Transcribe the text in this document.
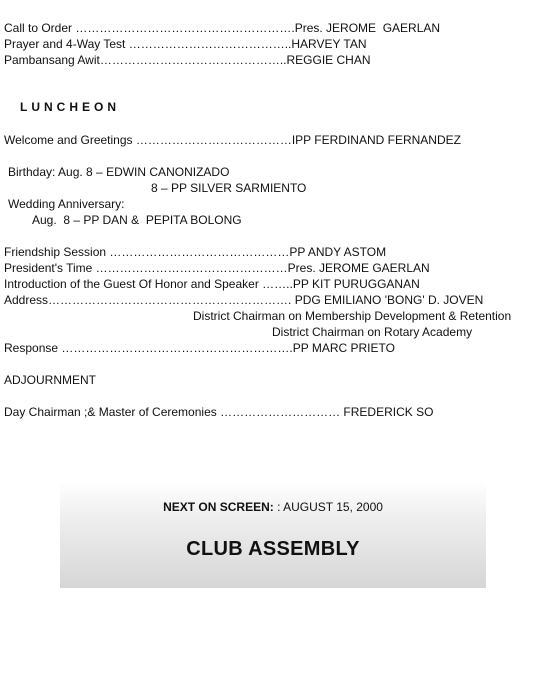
Call to Order ……………………………………………….Pres. JEROME  GAERLAN
Prayer and 4-Way Test …………………………………..HARVEY TAN
Pambansang Awit………………………………………..REGGIE CHAN
LUNCHEON
Welcome and Greetings …………………………………IPP FERDINAND FERNANDEZ
Birthday: Aug. 8 – EDWIN CANONIZADO
8 – PP SILVER SARMIENTO
Wedding Anniversary:
Aug.  8 – PP DAN &  PEPITA BOLONG
Friendship Session ………………………………………PP ANDY ASTOM
President's Time …………………………………………Pres. JEROME GAERLAN
Introduction of the Guest Of Honor and Speaker ……..PP KIT PURUGGANAN
Address……………………………………………………. PDG EMILIANO 'BONG' D. JOVEN
District Chairman on Membership Development & Retention
District Chairman on Rotary Academy
Response ………………………………………………….PP MARC PRIETO
ADJOURNMENT
Day Chairman ;& Master of Ceremonies ………………………… FREDERICK SO
NEXT ON SCREEN: : AUGUST 15, 2000
CLUB ASSEMBLY
